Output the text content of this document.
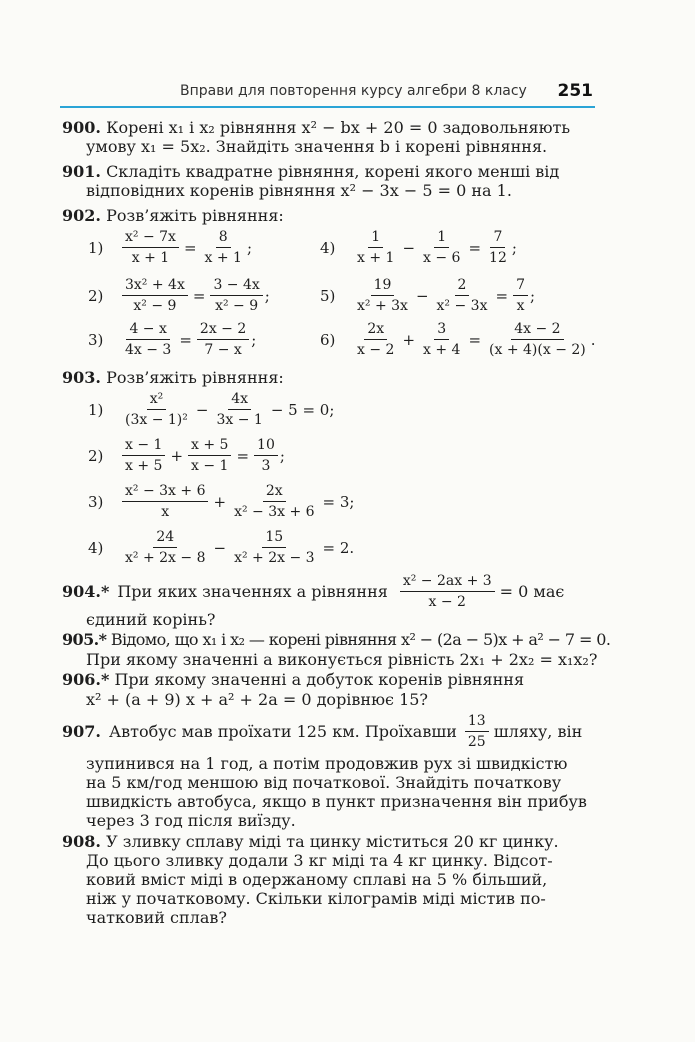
Вправи для повторення курсу алгебри 8 класу 251
900. Корені x₁ і x₂ рівняння x² − bx + 20 = 0 задовольняють
умову x₁ = 5x₂. Знайдіть значення b і корені рівняння.
901. Складіть квадратне рівняння, корені якого менші від
відповідних коренів рівняння x² − 3x − 5 = 0 на 1.
902. Розв’яжіть рівняння:
1)	$\frac{\text{x² − 7x}}{x + 1} = \frac{8}{x + 1}$ ;
2)	$\frac{\text{3x² + 4x}}{\text{x² − 9}} = \frac{3 - 4x}{\text{x² − 9}}$ ;
3)	$\frac{4 - x}{4x - 3} = \frac{2x - 2}{7 - x}$ ;
4)	$\frac{1}{x + 1} - \frac{1}{x - 6} = \frac{7}{12}$ ;
5)	$\frac{19}{\text{x² + 3x}} - \frac{2}{\text{x² − 3x}} = \frac{7}{x}$ ;
6)	$\frac{2x}{x - 2} + \frac{3}{x + 4} = \frac{4x - 2}{(x + 4)(x - 2)}$ .
903. Розв’яжіть рівняння:
1)	$\frac{\text{x²}}{\text{(3x − 1)²}} - \frac{4x}{3x - 1} - 5 = 0$;
2)	$\frac{x - 1}{x + 5} + \frac{x + 5}{x - 1} = \frac{10}{3}$ ;
3)	$\frac{\text{x² − 3x + 6}}{x} + \frac{2x}{\text{x² − 3x + 6}} = 3$;
4)	$\frac{24}{\text{x² + 2x − 8}} - \frac{15}{\text{x² + 2x − 3}} = 2$.
904.* При яких значеннях a рівняння $\frac{\text{x² − 2ax + 3}}{x - 2} = 0$ має
єдиний корінь?
905.* Відомо, що x₁ і x₂ — корені рівняння x² − (2a − 5)x + a² − 7 = 0.
При якому значенні a виконується рівність 2x₁ + 2x₂ = x₁x₂?
906.* При якому значенні a добуток коренів рівняння
x² + (a + 9) x + a² + 2a = 0 дорівнює 15?
907. Автобус мав проїхати 125 км. Проїхавши $\frac{13}{25}$ шляху, він
зупинився на 1 год, а потім продовжив рух зі швидкістю
на 5 км/год меншою від початкової. Знайдіть початкову
швидкість автобуса, якщо в пункт призначення він прибув
через 3 год після виїзду.
908. У зливку сплаву міді та цинку міститься 20 кг цинку.
До цього зливку додали 3 кг міді та 4 кг цинку. Відсот-
ковий вміст міді в одержаному сплаві на 5 % більший,
ніж у початковому. Скільки кілограмів міді містив по-
чатковий сплав?
